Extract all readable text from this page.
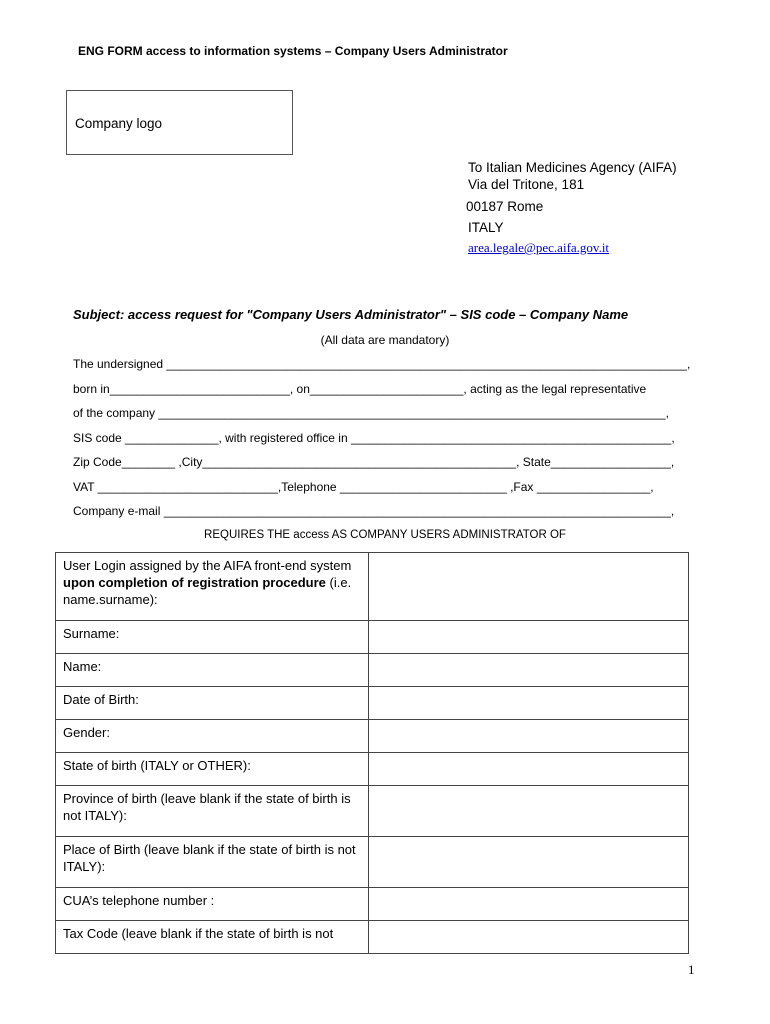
ENG FORM access to information systems – Company Users Administrator
Company logo
To Italian Medicines Agency (AIFA)
Via del Tritone, 181
00187 Rome
ITALY
area.legale@pec.aifa.gov.it
Subject: access request for "Company Users Administrator" – SIS code – Company Name
(All data are mandatory)
The undersigned ______________________________________________________________________________,
born in___________________________, on_______________________, acting as the legal representative
of the company ____________________________________________________________________________,
SIS code ______________, with registered office in ________________________________________________,
Zip Code________ ,City_______________________________________________, State__________________,
VAT ___________________________,Telephone _________________________ ,Fax _________________,
Company e-mail ____________________________________________________________________________,
REQUIRES THE access AS COMPANY USERS ADMINISTRATOR OF
User Login assigned by the AIFA front-end system upon completion of registration procedure (i.e. name.surname):	
Surname:	
Name:	
Date of Birth:	
Gender:	
State of birth (ITALY or OTHER):	
Province of birth (leave blank if the state of birth is not ITALY):	
Place of Birth (leave blank if the state of birth is not ITALY):	
CUA’s telephone number :	
Tax Code (leave blank if the state of birth is not	
1
